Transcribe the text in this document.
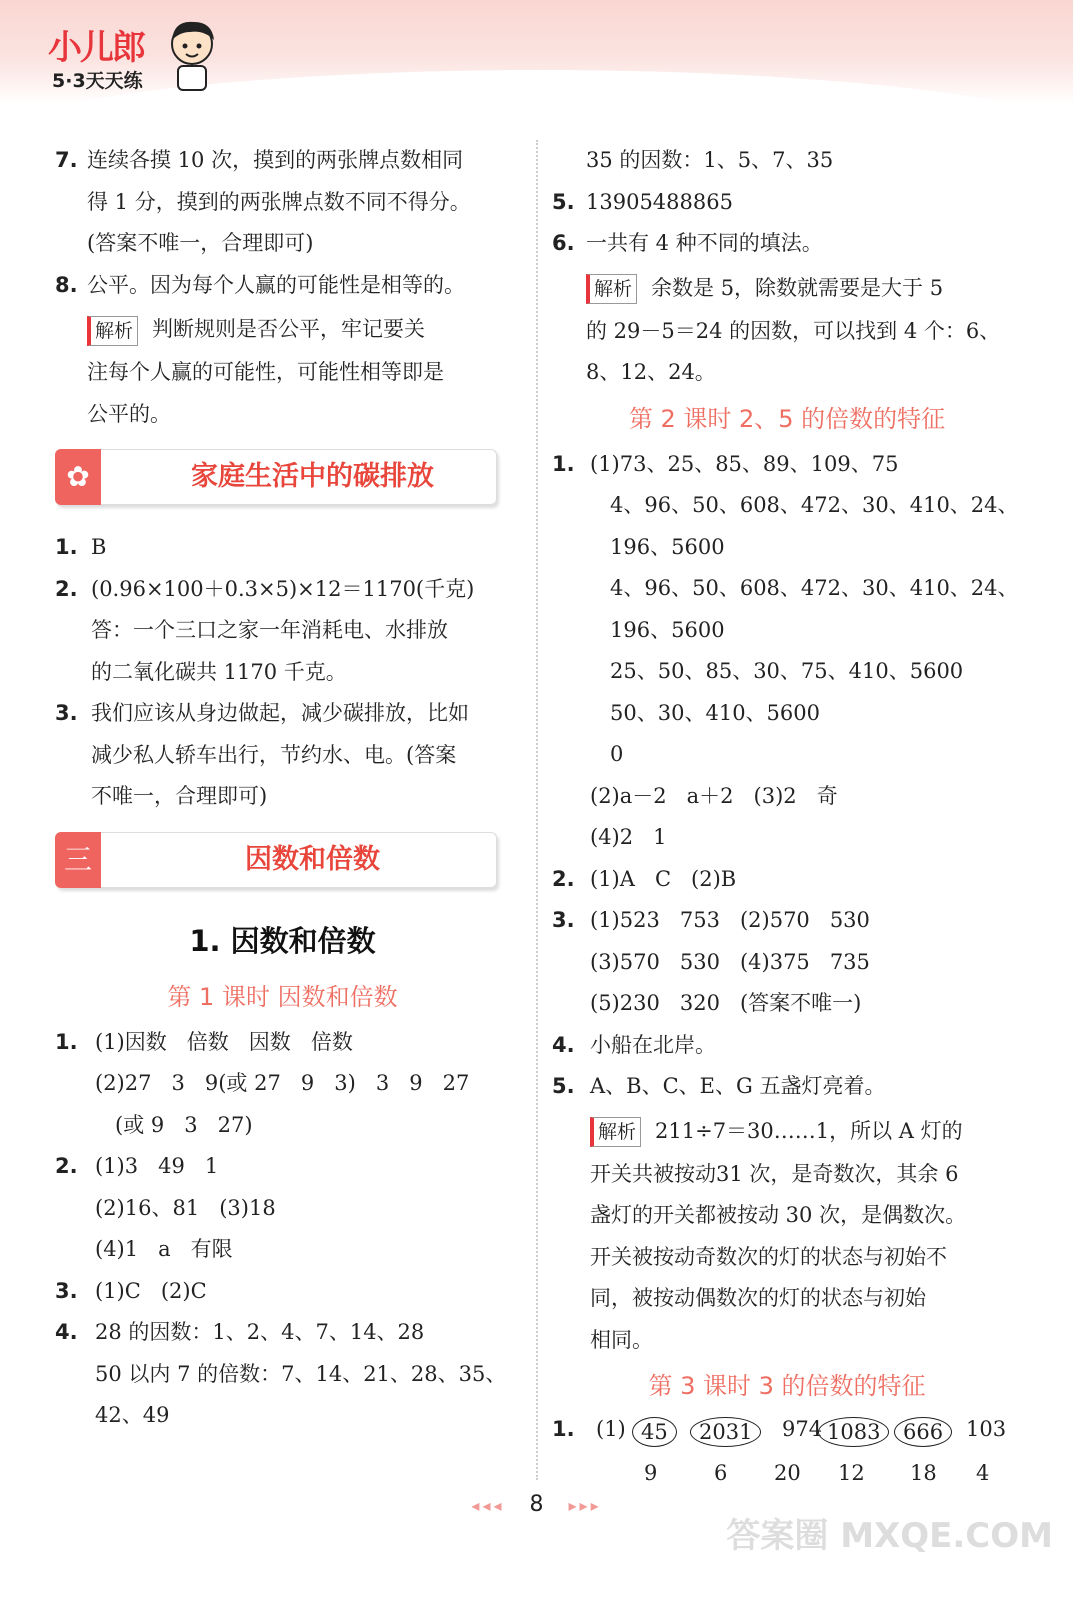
小儿郎
5·3天天练
7. 连续各摸 10 次，摸到的两张牌点数相同
得 1 分，摸到的两张牌点数不同不得分。
(答案不唯一，合理即可)
8. 公平。因为每个人赢的可能性是相等的。
解析 判断规则是否公平，牢记要关
注每个人赢的可能性，可能性相等即是
公平的。
✿	家庭生活中的碳排放
1. B
2. (0.96×100＋0.3×5)×12＝1170(千克)
答：一个三口之家一年消耗电、水排放
的二氧化碳共 1170 千克。
3. 我们应该从身边做起，减少碳排放，比如
减少私人轿车出行，节约水、电。(答案
不唯一，合理即可)
三	因数和倍数
1. 因数和倍数
第 1 课时 因数和倍数
1. (1)因数   倍数   因数   倍数
(2)27   3   9(或 27   9   3)   3   9   27
(或 9   3   27)
2. (1)3   49   1
(2)16、81   (3)18
(4)1   a   有限
3. (1)C   (2)C
4. 28 的因数：1、2、4、7、14、28
50 以内 7 的倍数：7、14、21、28、35、
42、49
35 的因数：1、5、7、35
5. 13905488865
6. 一共有 4 种不同的填法。
解析 余数是 5，除数就需要是大于 5
的 29－5＝24 的因数，可以找到 4 个：6、
8、12、24。
第 2 课时 2、5 的倍数的特征
1. (1)73、25、85、89、109、75
4、96、50、608、472、30、410、24、
196、5600
4、96、50、608、472、30、410、24、
196、5600
25、50、85、30、75、410、5600
50、30、410、5600
0
(2)a－2   a＋2   (3)2   奇
(4)2   1
2. (1)A   C   (2)B
3. (1)523   753   (2)570   530
(3)570   530   (4)375   735
(5)230   320   (答案不唯一)
4. 小船在北岸。
5. A、B、C、E、G 五盏灯亮着。
解析 211÷7＝30……1，所以 A 灯的
开关共被按动31 次，是奇数次，其余 6
盏灯的开关都被按动 30 次，是偶数次。
开关被按动奇数次的灯的状态与初始不
同，被按动偶数次的灯的状态与初始
相同。
第 3 课时 3 的倍数的特征
1. (1) 45	2031	974 1083	666	103
9	6 20 12 18 4
◂◂◂ 8 ▸▸▸
答案圈 MXQE.COM
